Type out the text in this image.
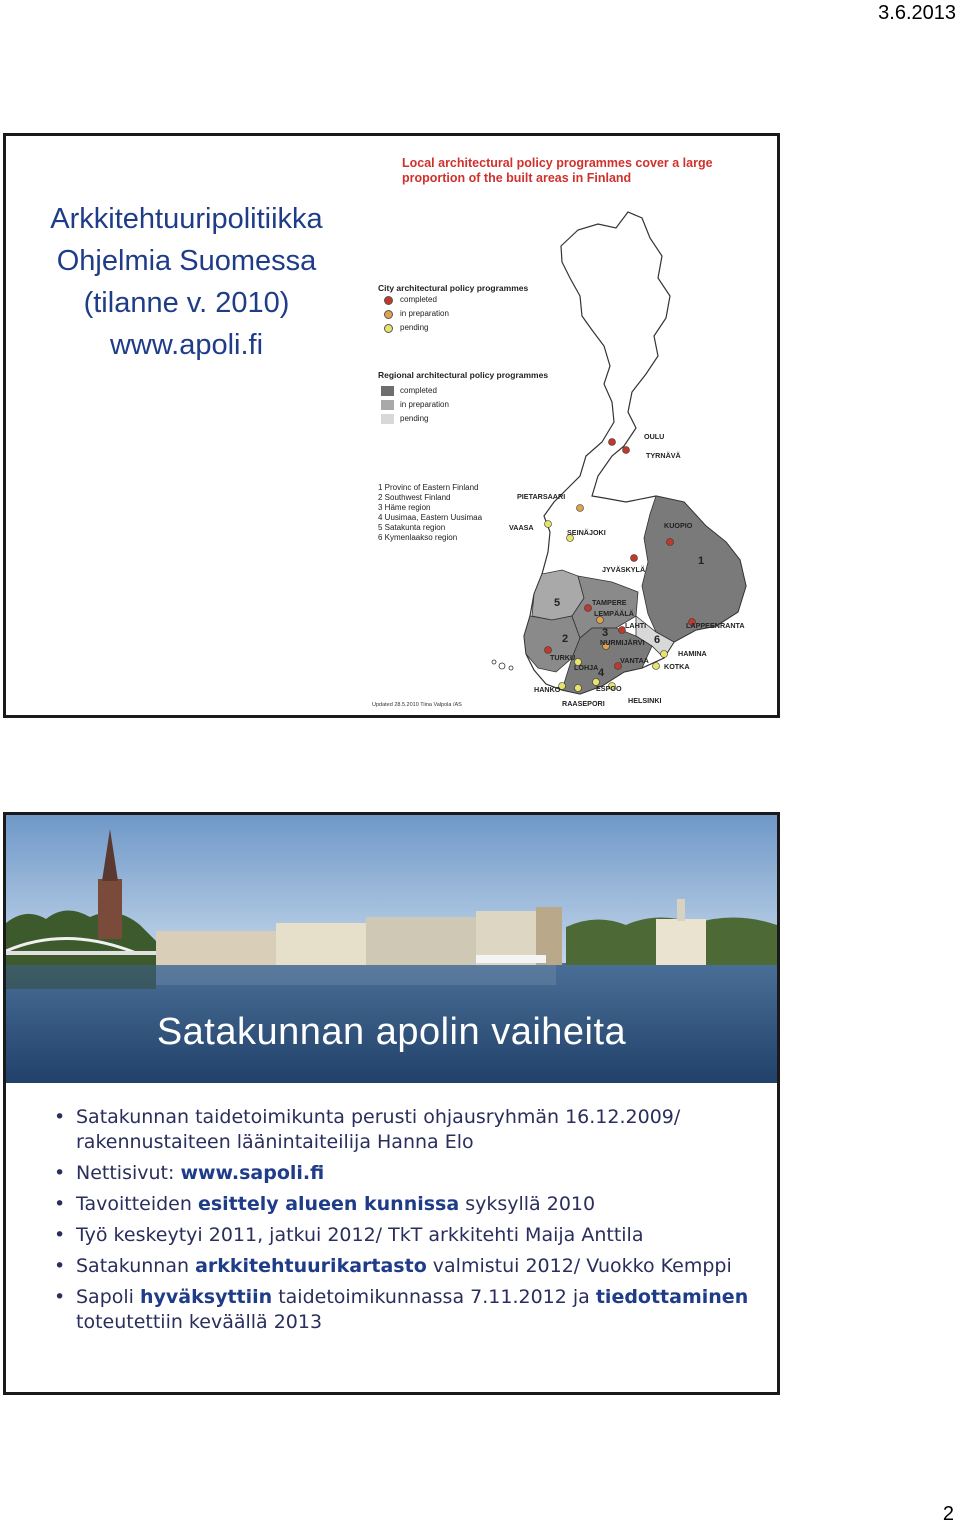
3.6.2013
Arkkitehtuuripolitiikka
Ohjelmia Suomessa
(tilanne v. 2010)
www.apoli.fi
OULU
TYRNÄVÄ
PIETARSAARI
VAASA
SEINÄJOKI
KUOPIO
JYVÄSKYLÄ
TAMPERE
LEMPÄÄLÄ
LAHTI	LAPPEENRANTA
TURKU
NURMIJÄRVI
HAMINA
LOHJA
VANTAA
KOTKA
HANKO	ESPOO
HELSINKI
RAASEPORI
1
2	3
4
5
6
Local architectural policy programmes cover a large
proportion of the built areas in Finland
City architectural policy programmes
completed
in preparation
pending
Regional architectural policy programmes
completed
in preparation
pending
1 Provinc of Eastern Finland
2 Southwest Finland
3 Häme region
4 Uusimaa, Eastern Uusimaa
5 Satakunta region
6 Kymenlaakso region
Updated 28.5.2010 Tiina Valpola /AS
Satakunnan apolin vaiheita
• Satakunnan taidetoimikunta perusti ohjausryhmän 16.12.2009/ rakennustaiteen läänintaiteilija Hanna Elo
• Nettisivut: www.sapoli.fi
• Tavoitteiden esittely alueen kunnissa syksyllä 2010
• Työ keskeytyi 2011, jatkui 2012/ TkT arkkitehti Maija Anttila
• Satakunnan arkkitehtuurikartasto valmistui 2012/ Vuokko Kemppi
• Sapoli hyväksyttiin taidetoimikunnassa 7.11.2012 ja tiedottaminen toteutettiin keväällä 2013
2
